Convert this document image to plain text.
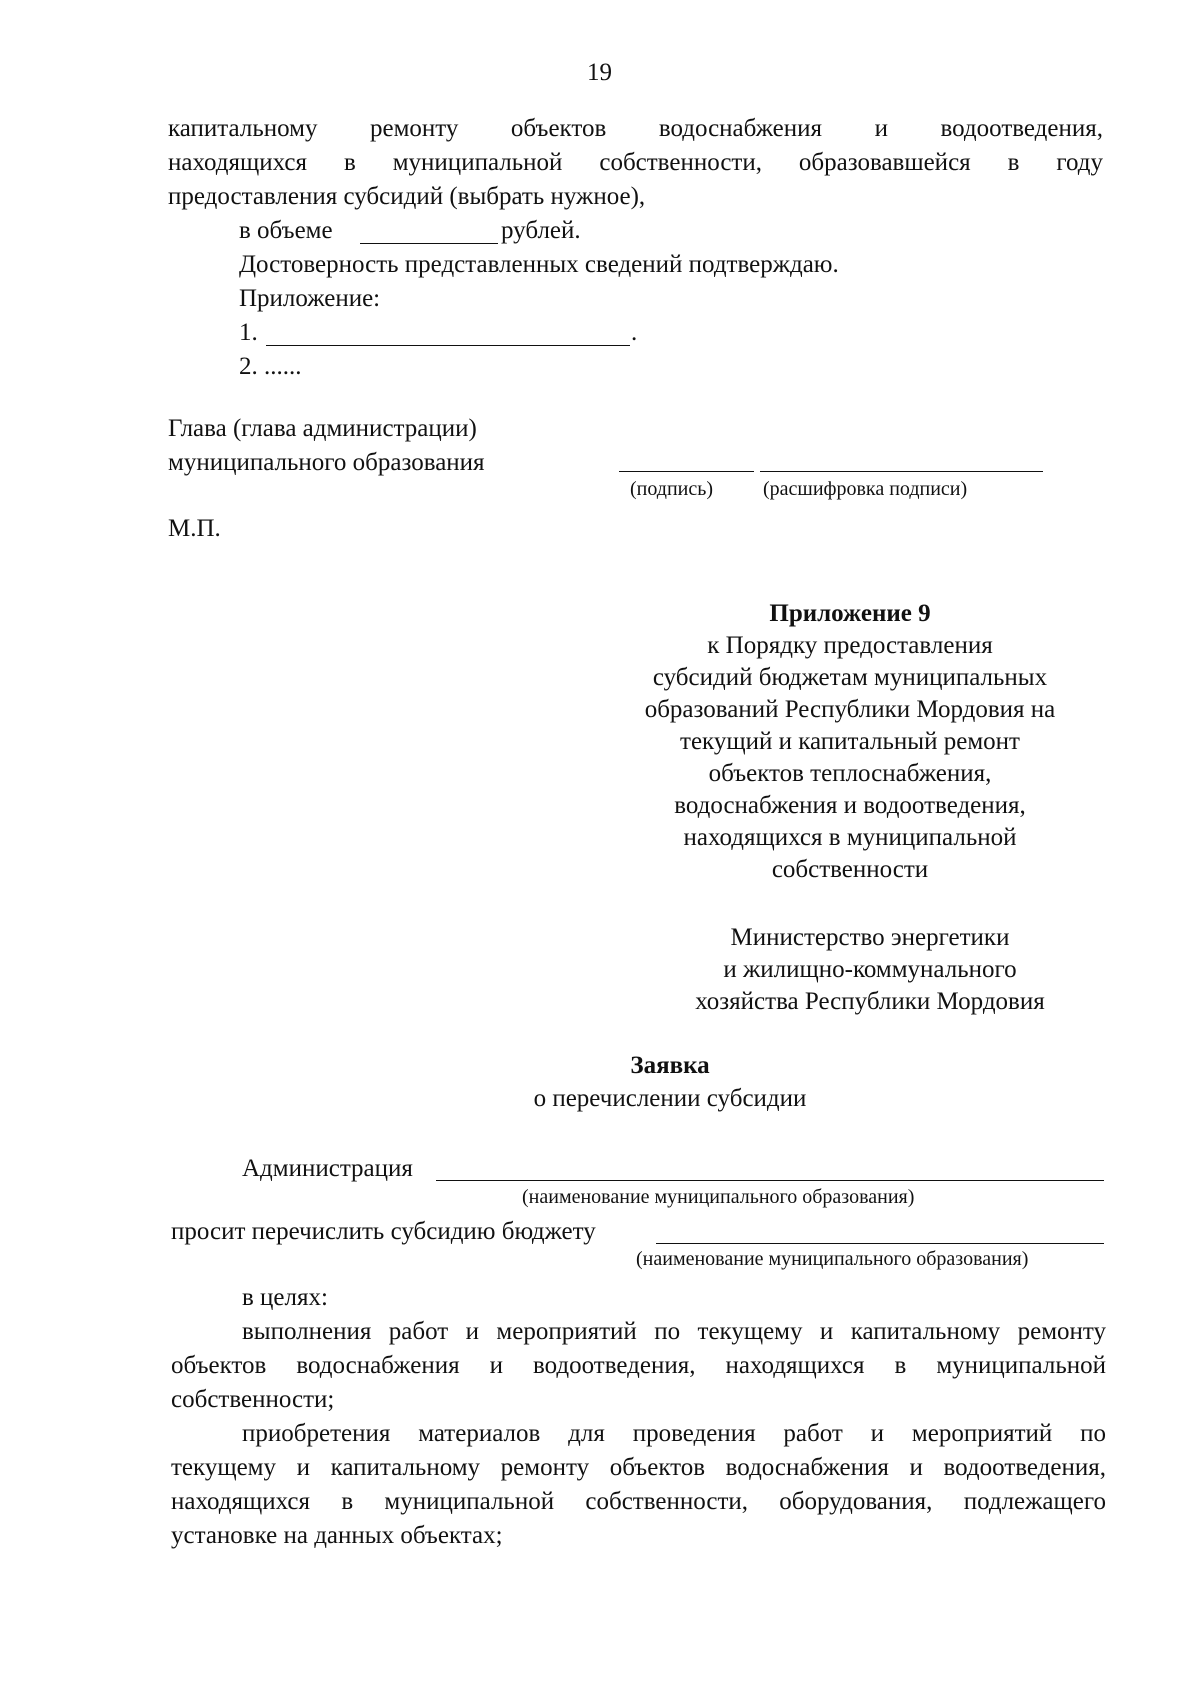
19
капитальному ремонту объектов водоснабжения и водоотведения,
находящихся в муниципальной собственности, образовавшейся в году
предоставления субсидий (выбрать нужное),
в объеме	рублей.
Достоверность представленных сведений подтверждаю.
Приложение:
1.	.
2. ......
Глава (глава администрации)
муниципального образования
(подпись) (расшифровка подписи)
М.П.
Приложение 9
к Порядку предоставления
субсидий бюджетам муниципальных
образований Республики Мордовия на
текущий и капитальный ремонт
объектов теплоснабжения,
водоснабжения и водоотведения,
находящихся в муниципальной
собственности
Министерство энергетики
и жилищно-коммунального
хозяйства Республики Мордовия
Заявка
о перечислении субсидии
Администрация
(наименование муниципального образования)
просит перечислить субсидию бюджету
(наименование муниципального образования)
в целях:
выполнения работ и мероприятий по текущему и капитальному ремонту
объектов водоснабжения и водоотведения, находящихся в муниципальной
собственности;
приобретения материалов для проведения работ и мероприятий по
текущему и капитальному ремонту объектов водоснабжения и водоотведения,
находящихся в муниципальной собственности, оборудования, подлежащего
установке на данных объектах;
